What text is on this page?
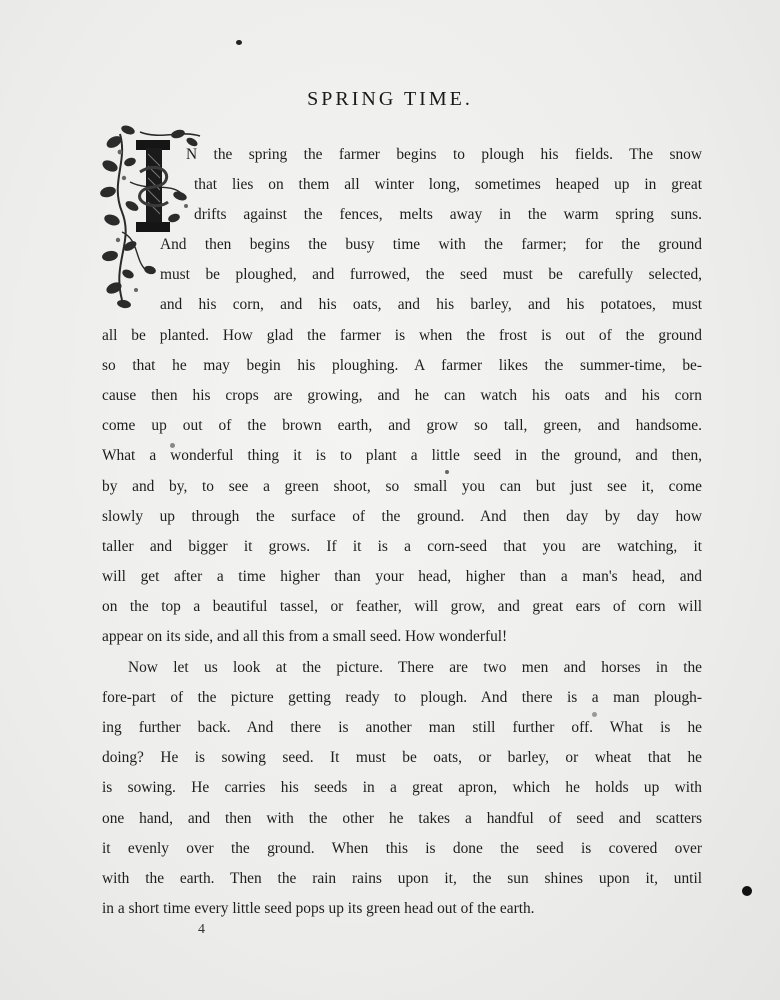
SPRING TIME.
N the spring the farmer begins to plough his fields. The snow
that lies on them all winter long, sometimes heaped up in great
drifts against the fences, melts away in the warm spring suns.
And then begins the busy time with the farmer; for the ground
must be ploughed, and furrowed, the seed must be carefully selected,
and his corn, and his oats, and his barley, and his potatoes, must
all be planted. How glad the farmer is when the frost is out of the ground
so that he may begin his ploughing. A farmer likes the summer-time, be-
cause then his crops are growing, and he can watch his oats and his corn
come up out of the brown earth, and grow so tall, green, and handsome.
What a wonderful thing it is to plant a little seed in the ground, and then,
by and by, to see a green shoot, so small you can but just see it, come
slowly up through the surface of the ground. And then day by day how
taller and bigger it grows. If it is a corn-seed that you are watching, it
will get after a time higher than your head, higher than a man's head, and
on the top a beautiful tassel, or feather, will grow, and great ears of corn will
appear on its side, and all this from a small seed. How wonderful!
Now let us look at the picture. There are two men and horses in the
fore-part of the picture getting ready to plough. And there is a man plough-
ing further back. And there is another man still further off. What is he
doing? He is sowing seed. It must be oats, or barley, or wheat that he
is sowing. He carries his seeds in a great apron, which he holds up with
one hand, and then with the other he takes a handful of seed and scatters
it evenly over the ground. When this is done the seed is covered over
with the earth. Then the rain rains upon it, the sun shines upon it, until
in a short time every little seed pops up its green head out of the earth.
4
